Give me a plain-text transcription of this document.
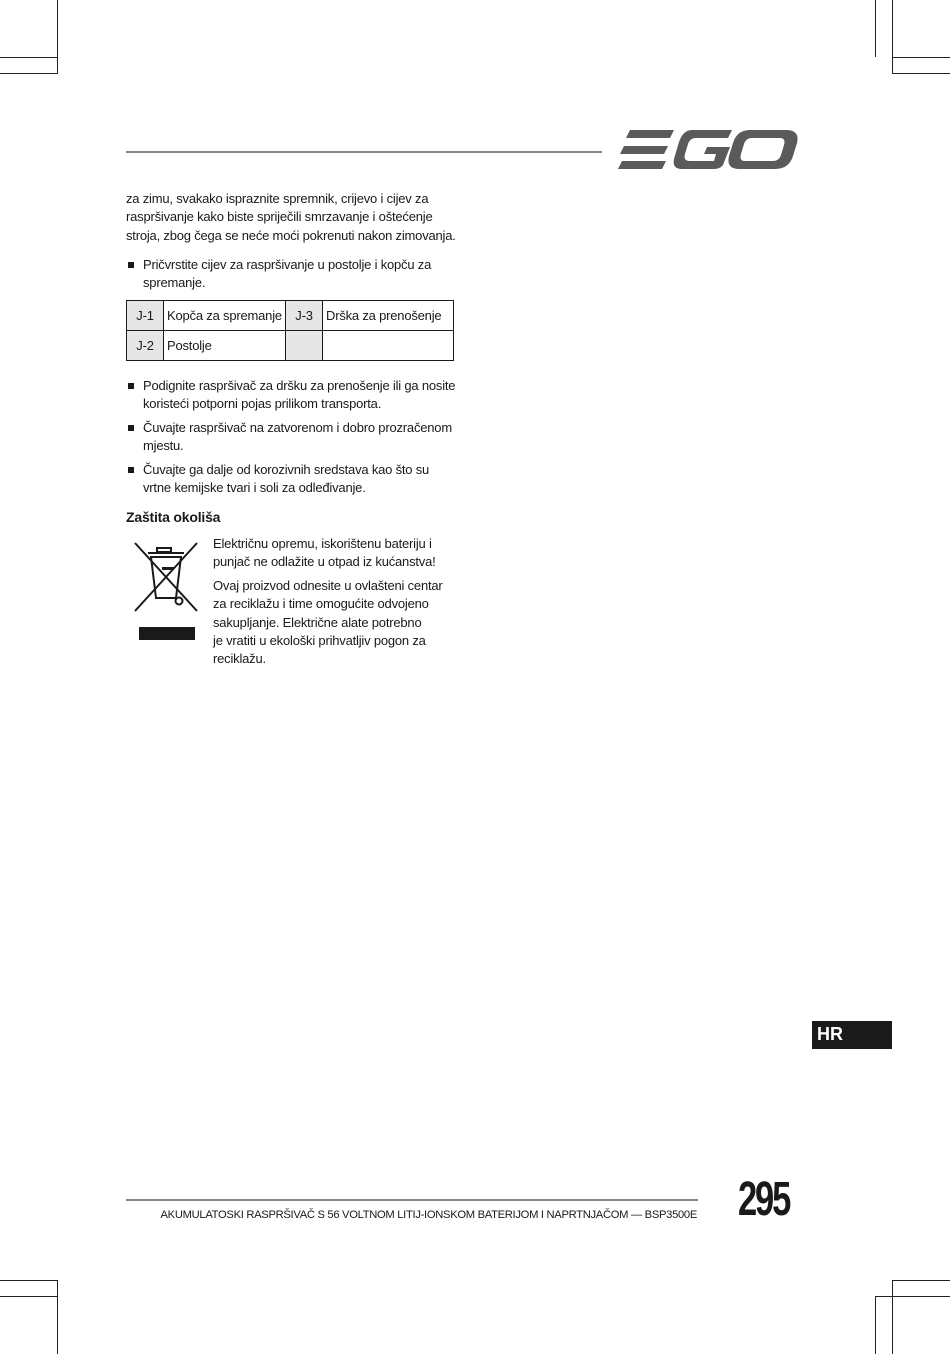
za zimu, svakako ispraznite spremnik, crijevo i cijev za
raspršivanje kako biste spriječili smrzavanje i oštećenje
stroja, zbog čega se neće moći pokrenuti nakon zimovanja.
Pričvrstite cijev za raspršivanje u postolje i kopču za
spremanje.
J-1	Kopča za spremanje	J-3	Drška za prenošenje
J-2	Postolje		
Podignite raspršivač za dršku za prenošenje ili ga nosite
koristeći potporni pojas prilikom transporta.
Čuvajte raspršivač na zatvorenom i dobro prozračenom
mjestu.
Čuvajte ga dalje od korozivnih sredstava kao što su
vrtne kemijske tvari i soli za odleđivanje.
Zaštita okoliša
Električnu opremu, iskorištenu bateriju i
punjač ne odlažite u otpad iz kućanstva!
Ovaj proizvod odnesite u ovlašteni centar
za reciklažu i time omogućite odvojeno
sakupljanje. Električne alate potrebno
je vratiti u ekološki prihvatljiv pogon za
reciklažu.
HR
AKUMULATOSKI RASPRŠIVAČ S 56 VOLTNOM LITIJ-IONSKOM BATERIJOM I NAPRTNJAČOM — BSP3500E 295
